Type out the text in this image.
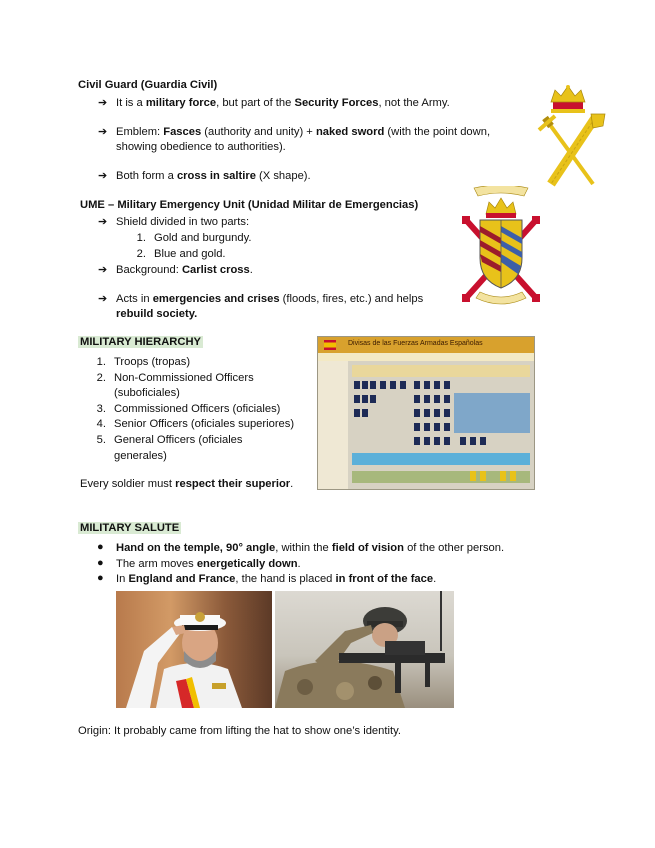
Civil Guard (Guardia Civil)
➔ It is a military force, but part of the Security Forces, not the Army.
➔ Emblem: Fasces (authority and unity) + naked sword (with the point down,
showing obedience to authorities).
➔ Both form a cross in saltire (X shape).
UME – Military Emergency Unit (Unidad Militar de Emergencias)
➔ Shield divided in two parts:
1. Gold and burgundy.
2. Blue and gold.
➔ Background: Carlist cross.
➔ Acts in emergencies and crises (floods, fires, etc.) and helps
rebuild society.
MILITARY HIERARCHY
1. Troops (tropas)
2. Non-Commissioned Officers
(suboficiales)
3. Commissioned Officers (oficiales)
4. Senior Officers (oficiales superiores)
5. General Officers (oficiales
generales)
Every soldier must respect their superior.
Divisas de las Fuerzas Armadas Españolas
MILITARY SALUTE
● Hand on the temple, 90° angle, within the field of vision of the other person.
● The arm moves energetically down.
● In England and France, the hand is placed in front of the face.
Origin: It probably came from lifting the hat to show one’s identity.
